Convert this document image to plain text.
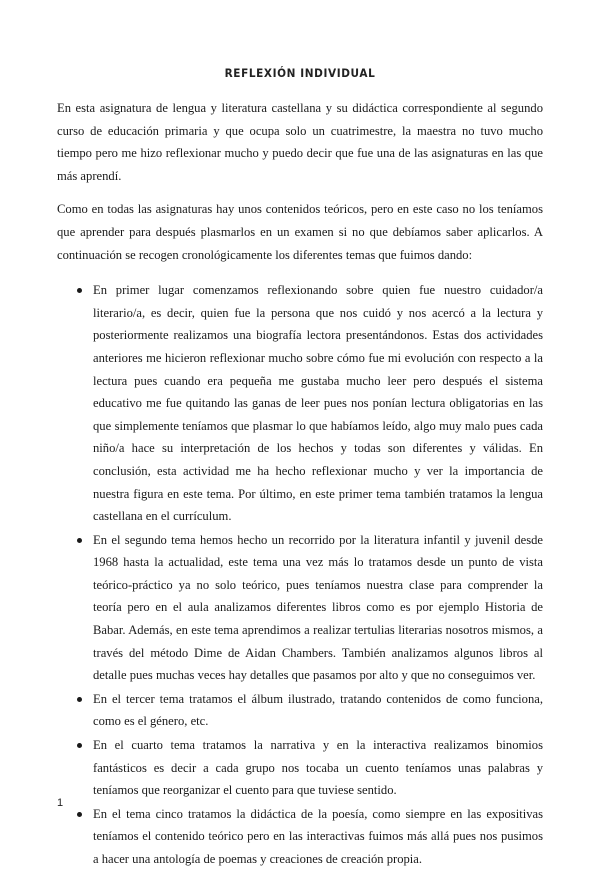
REFLEXIÓN INDIVIDUAL

En esta asignatura de lengua y literatura castellana y su didáctica correspondiente al segundo curso de educación primaria y que ocupa solo un cuatrimestre, la maestra no tuvo mucho tiempo pero me hizo reflexionar mucho y puedo decir que fue una de las asignaturas en las que más aprendí.

Como en todas las asignaturas hay unos contenidos teóricos, pero en este caso no los teníamos que aprender para después plasmarlos en un examen si no que debíamos saber aplicarlos. A continuación se recogen cronológicamente los diferentes temas que fuimos dando:

En primer lugar comenzamos reflexionando sobre quien fue nuestro cuidador/a literario/a, es decir, quien fue la persona que nos cuidó y nos acercó a la lectura y posteriormente realizamos una biografía lectora presentándonos. Estas dos actividades anteriores me hicieron reflexionar mucho sobre cómo fue mi evolución con respecto a la lectura pues cuando era pequeña me gustaba mucho leer pero después el sistema educativo me fue quitando las ganas de leer pues nos ponían lectura obligatorias en las que simplemente teníamos que plasmar lo que habíamos leído, algo muy malo pues cada niño/a hace su interpretación de los hechos y todas son diferentes y válidas. En conclusión, esta actividad me ha hecho reflexionar mucho y ver la importancia de nuestra figura en este tema. Por último, en este primer tema también tratamos la lengua castellana en el currículum.
En el segundo tema hemos hecho un recorrido por la literatura infantil y juvenil desde 1968 hasta la actualidad, este tema una vez más lo tratamos desde un punto de vista teórico-práctico ya no solo teórico, pues teníamos nuestra clase para comprender la teoría pero en el aula analizamos diferentes libros como es por ejemplo Historia de Babar. Además, en este tema aprendimos a realizar tertulias literarias nosotros mismos, a través del método Dime de Aidan Chambers. También analizamos algunos libros al detalle pues muchas veces hay detalles que pasamos por alto y que no conseguimos ver.
En el tercer tema tratamos el álbum ilustrado, tratando contenidos de como funciona, como es el género, etc.
En el cuarto tema tratamos la narrativa y en la interactiva realizamos binomios fantásticos es decir a cada grupo nos tocaba un cuento teníamos unas palabras y teníamos que reorganizar el cuento para que tuviese sentido.
En el tema cinco tratamos la didáctica de la poesía, como siempre en las expositivas teníamos el contenido teórico pero en las interactivas fuimos más allá pues nos pusimos a hacer una antología de poemas y creaciones de creación propia.
1
